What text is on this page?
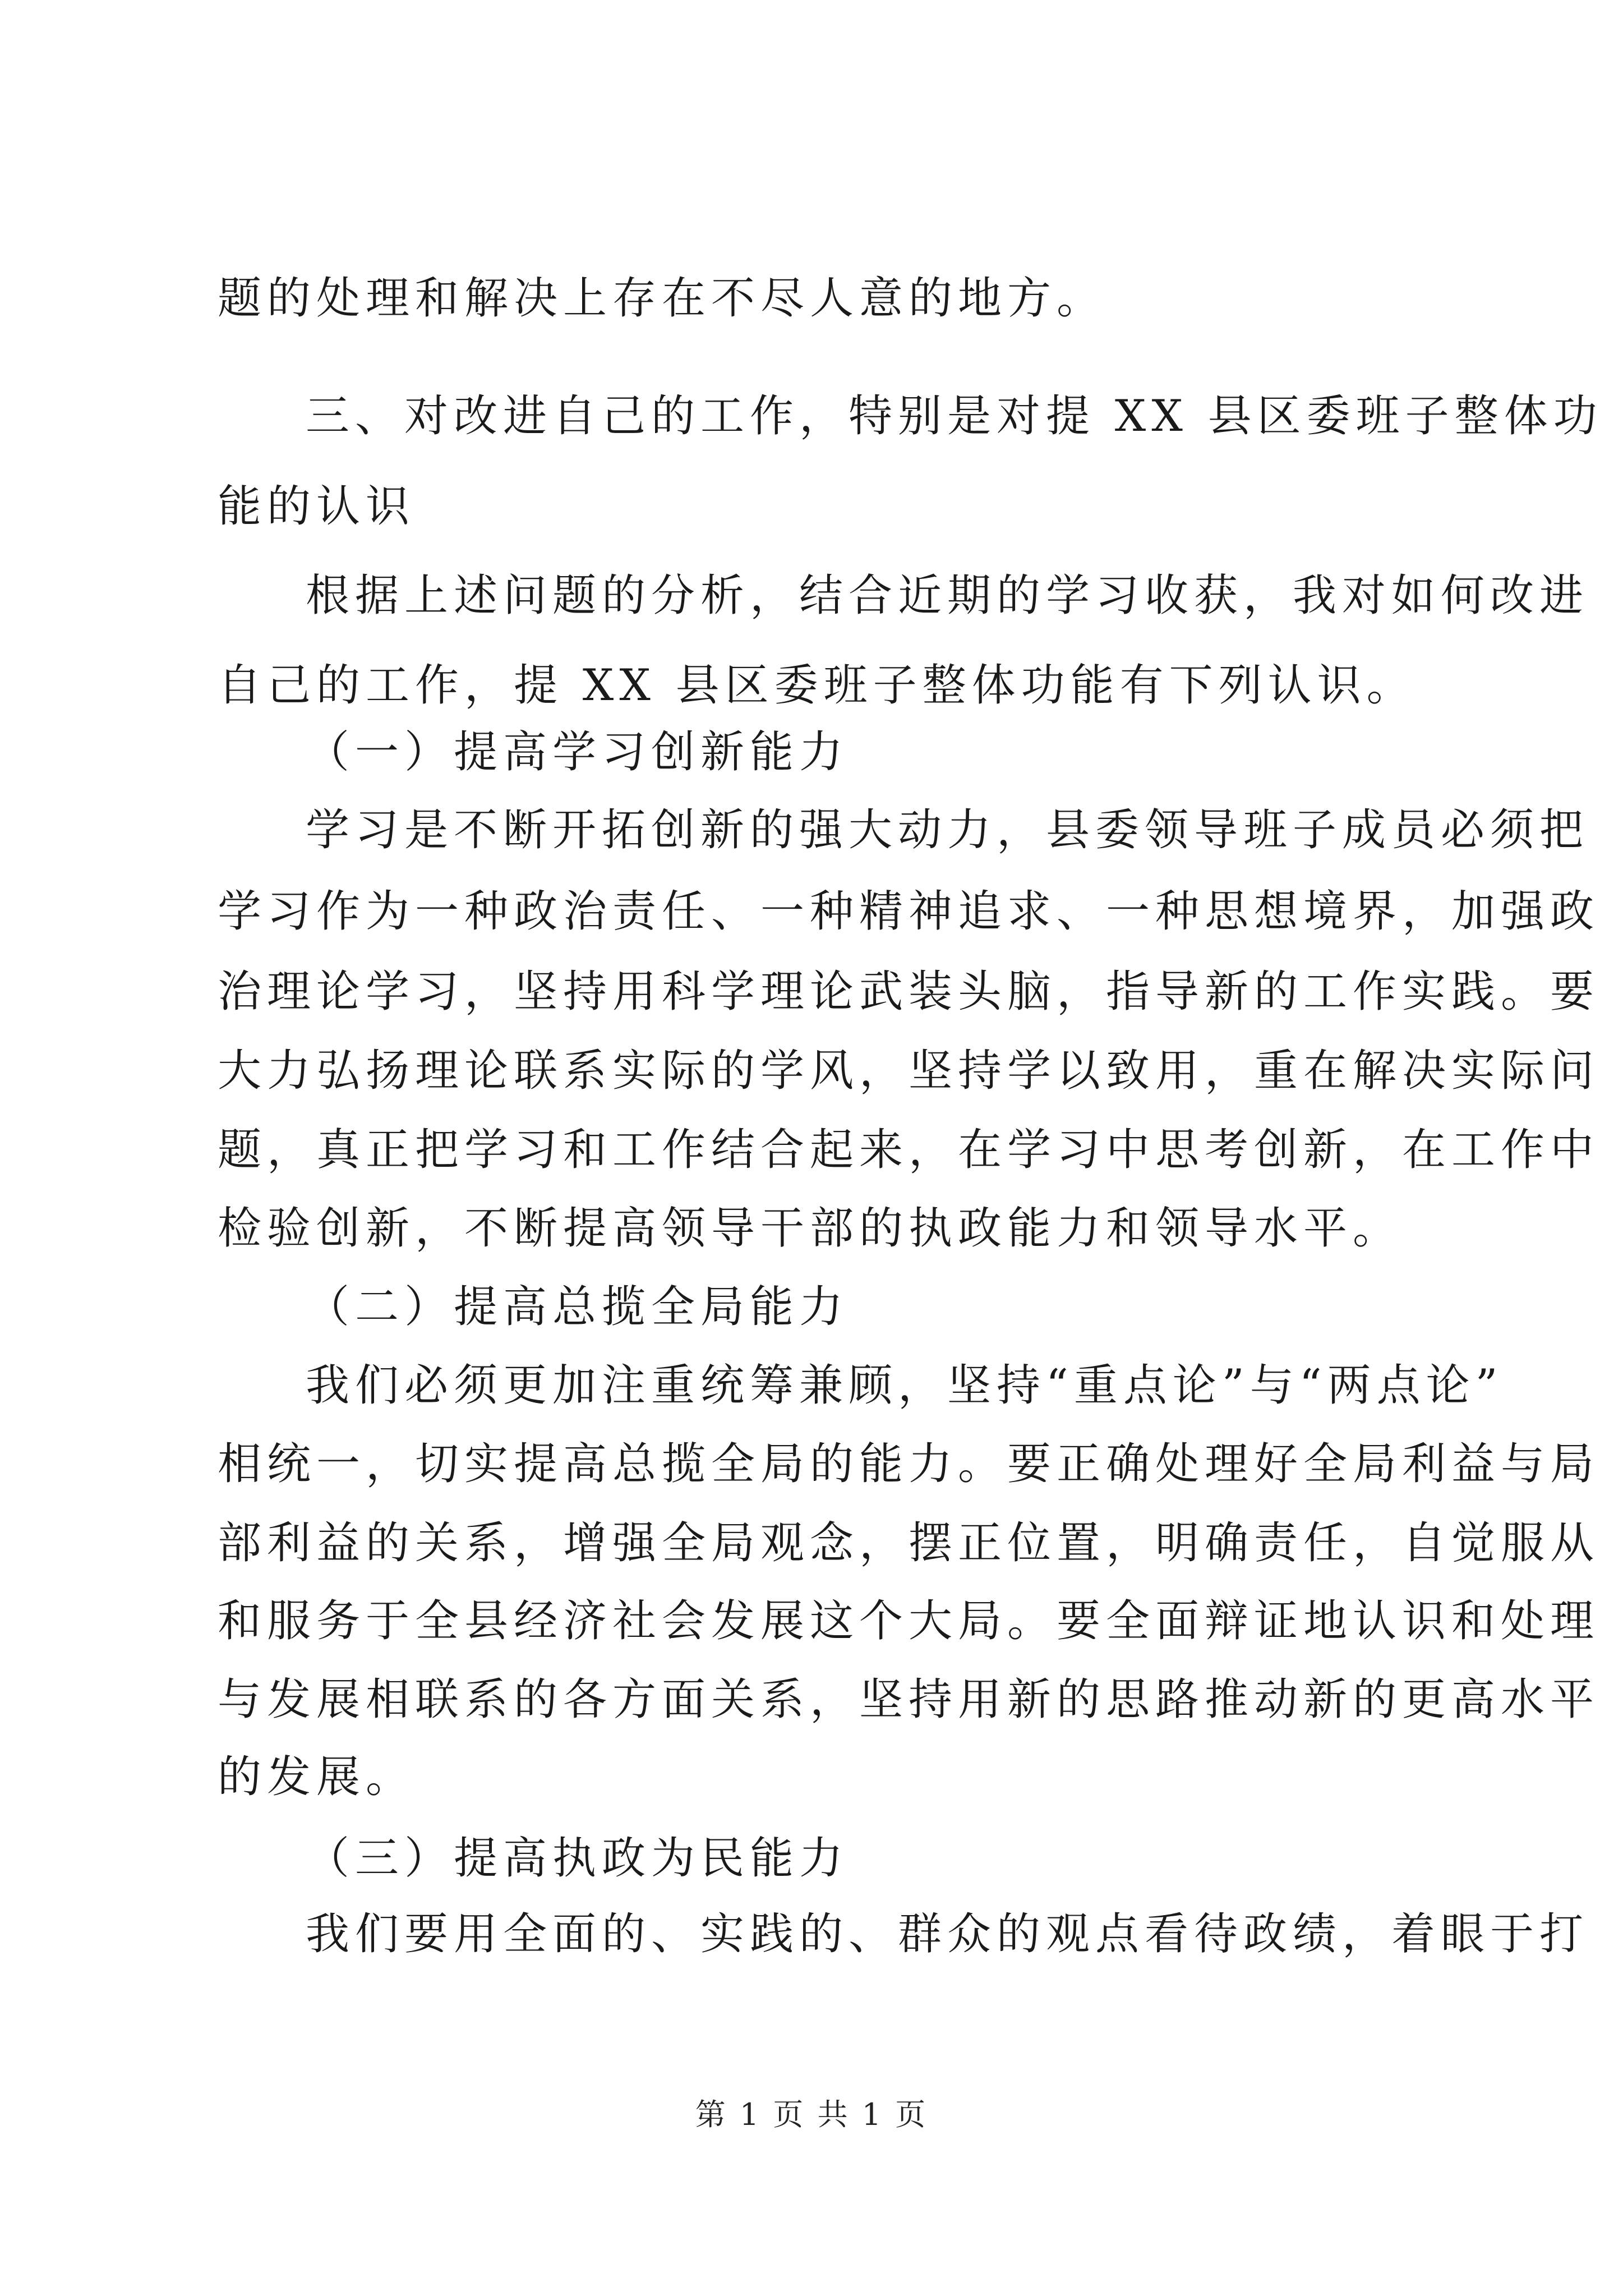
题的处理和解决上存在不尽人意的地方。
三、对改进自己的工作，特别是对提 XX 县区委班子整体功
能的认识
根据上述问题的分析，结合近期的学习收获，我对如何改进
自己的工作，提 XX 县区委班子整体功能有下列认识。
（一）提高学习创新能力
学习是不断开拓创新的强大动力，县委领导班子成员必须把
学习作为一种政治责任、一种精神追求、一种思想境界，加强政
治理论学习，坚持用科学理论武装头脑，指导新的工作实践。要
大力弘扬理论联系实际的学风，坚持学以致用，重在解决实际问
题，真正把学习和工作结合起来，在学习中思考创新，在工作中
检验创新，不断提高领导干部的执政能力和领导水平。
（二）提高总揽全局能力
我们必须更加注重统筹兼顾，坚持“重点论”与“两点论”
相统一，切实提高总揽全局的能力。要正确处理好全局利益与局
部利益的关系，增强全局观念，摆正位置，明确责任，自觉服从
和服务于全县经济社会发展这个大局。要全面辩证地认识和处理
与发展相联系的各方面关系，坚持用新的思路推动新的更高水平
的发展。
（三）提高执政为民能力
我们要用全面的、实践的、群众的观点看待政绩，着眼于打
第 1 页 共 1 页
